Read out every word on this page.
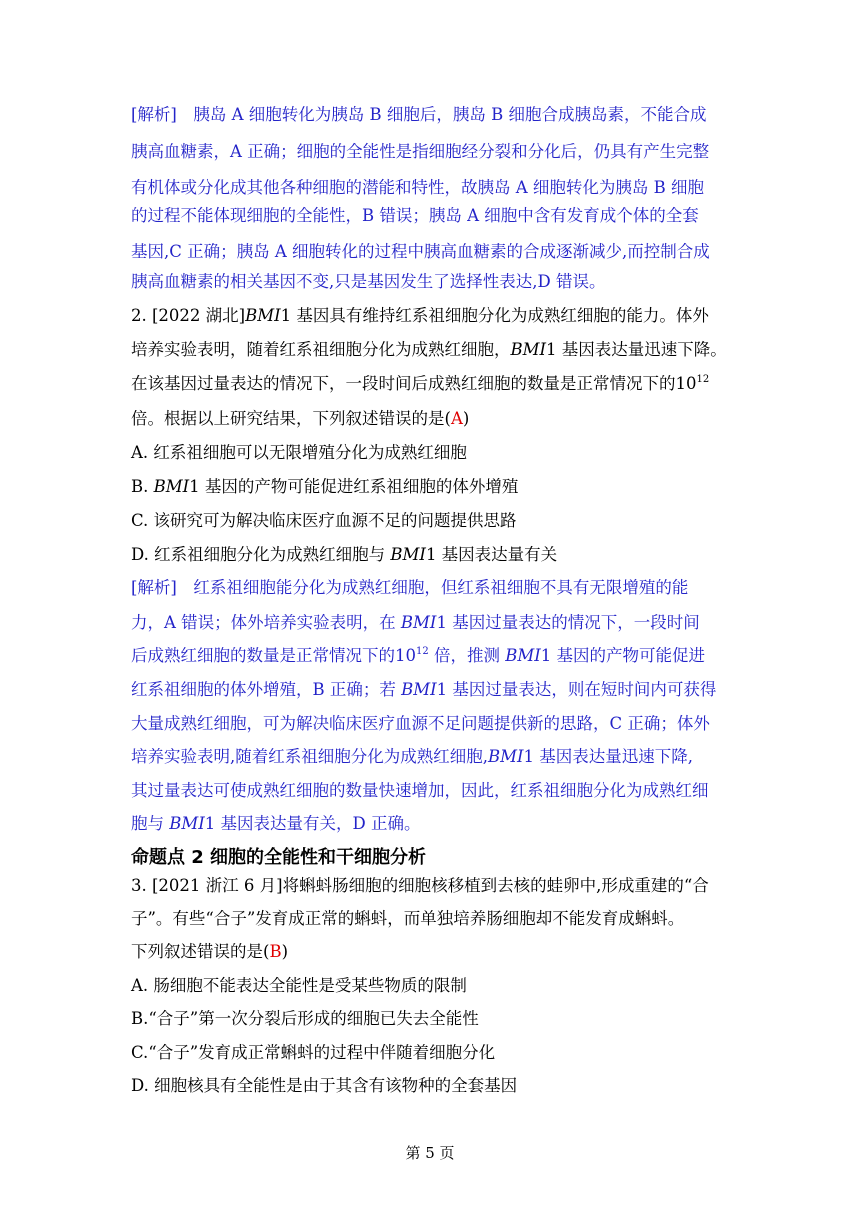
[解析]　胰岛 A 细胞转化为胰岛 B 细胞后，胰岛 B 细胞合成胰岛素，不能合成
胰高血糖素，A 正确；细胞的全能性是指细胞经分裂和分化后，仍具有产生完整
有机体或分化成其他各种细胞的潜能和特性，故胰岛 A 细胞转化为胰岛 B 细胞
的过程不能体现细胞的全能性，B 错误；胰岛 A 细胞中含有发育成个体的全套
基因,C 正确；胰岛 A 细胞转化的过程中胰高血糖素的合成逐渐减少,而控制合成
胰高血糖素的相关基因不变,只是基因发生了选择性表达,D 错误。
2. [2022 湖北]BMI1 基因具有维持红系祖细胞分化为成熟红细胞的能力。体外
培养实验表明，随着红系祖细胞分化为成熟红细胞，BMI1 基因表达量迅速下降。
在该基因过量表达的情况下，一段时间后成熟红细胞的数量是正常情况下的$10^{12}$
倍。根据以上研究结果，下列叙述错误的是(A)
A. 红系祖细胞可以无限增殖分化为成熟红细胞
B. BMI1 基因的产物可能促进红系祖细胞的体外增殖
C. 该研究可为解决临床医疗血源不足的问题提供思路
D. 红系祖细胞分化为成熟红细胞与 BMI1 基因表达量有关
[解析]　红系祖细胞能分化为成熟红细胞，但红系祖细胞不具有无限增殖的能
力，A 错误；体外培养实验表明，在 BMI1 基因过量表达的情况下，一段时间
后成熟红细胞的数量是正常情况下的$10^{12}$ 倍，推测 BMI1 基因的产物可能促进
红系祖细胞的体外增殖，B 正确；若 BMI1 基因过量表达，则在短时间内可获得
大量成熟红细胞，可为解决临床医疗血源不足问题提供新的思路，C 正确；体外
培养实验表明,随着红系祖细胞分化为成熟红细胞,BMI1 基因表达量迅速下降,
其过量表达可使成熟红细胞的数量快速增加，因此，红系祖细胞分化为成熟红细
胞与 BMI1 基因表达量有关，D 正确。
命题点 2 细胞的全能性和干细胞分析
3. [2021 浙江 6 月]将蝌蚪肠细胞的细胞核移植到去核的蛙卵中,形成重建的“合
子”。有些“合子”发育成正常的蝌蚪，而单独培养肠细胞却不能发育成蝌蚪。
下列叙述错误的是(B)
A. 肠细胞不能表达全能性是受某些物质的限制
B.“合子”第一次分裂后形成的细胞已失去全能性
C.“合子”发育成正常蝌蚪的过程中伴随着细胞分化
D. 细胞核具有全能性是由于其含有该物种的全套基因
第 5 页
